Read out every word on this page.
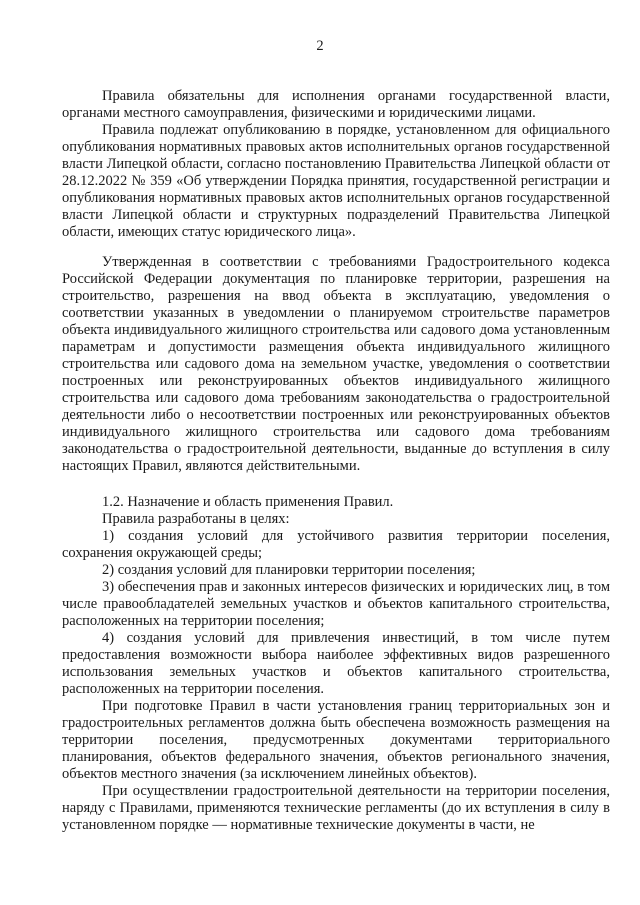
2

Правила обязательны для исполнения органами государственной власти, органами местного самоуправления, физическими и юридическими лицами.

Правила подлежат опубликованию в порядке, установленном для официального опубликования нормативных правовых актов исполнительных органов государственной власти Липецкой области, согласно постановлению Правительства Липецкой области от 28.12.2022 № 359 «Об утверждении Порядка принятия, государственной регистрации и опубликования нормативных правовых актов исполнительных органов государственной власти Липецкой области и структурных подразделений Правительства Липецкой области, имеющих статус юридического лица».

Утвержденная в соответствии с требованиями Градостроительного кодекса Российской Федерации документация по планировке территории, разрешения на строительство, разрешения на ввод объекта в эксплуатацию, уведомления о соответствии указанных в уведомлении о планируемом строительстве параметров объекта индивидуального жилищного строительства или садового дома установленным параметрам и допустимости размещения объекта индивидуального жилищного строительства или садового дома на земельном участке, уведомления о соответствии построенных или реконструированных объектов индивидуального жилищного строительства или садового дома требованиям законодательства о градостроительной деятельности либо о несоответствии построенных или реконструированных объектов индивидуального жилищного строительства или садового дома требованиям законодательства о градостроительной деятельности, выданные до вступления в силу настоящих Правил, являются действительными.

1.2. Назначение и область применения Правил.

Правила разработаны в целях:

1) создания условий для устойчивого развития территории поселения, сохранения окружающей среды;

2) создания условий для планировки территории поселения;

3) обеспечения прав и законных интересов физических и юридических лиц, в том числе правообладателей земельных участков и объектов капитального строительства, расположенных на территории поселения;

4) создания условий для привлечения инвестиций, в том числе путем предоставления возможности выбора наиболее эффективных видов разрешенного использования земельных участков и объектов капитального строительства, расположенных на территории поселения.

При подготовке Правил в части установления границ территориальных зон и градостроительных регламентов должна быть обеспечена возможность размещения на территории поселения, предусмотренных документами территориального планирования, объектов федерального значения, объектов регионального значения, объектов местного значения (за исключением линейных объектов).

При осуществлении градостроительной деятельности на территории поселения, наряду с Правилами, применяются технические регламенты (до их вступления в силу в установленном порядке — нормативные технические документы в части, не
